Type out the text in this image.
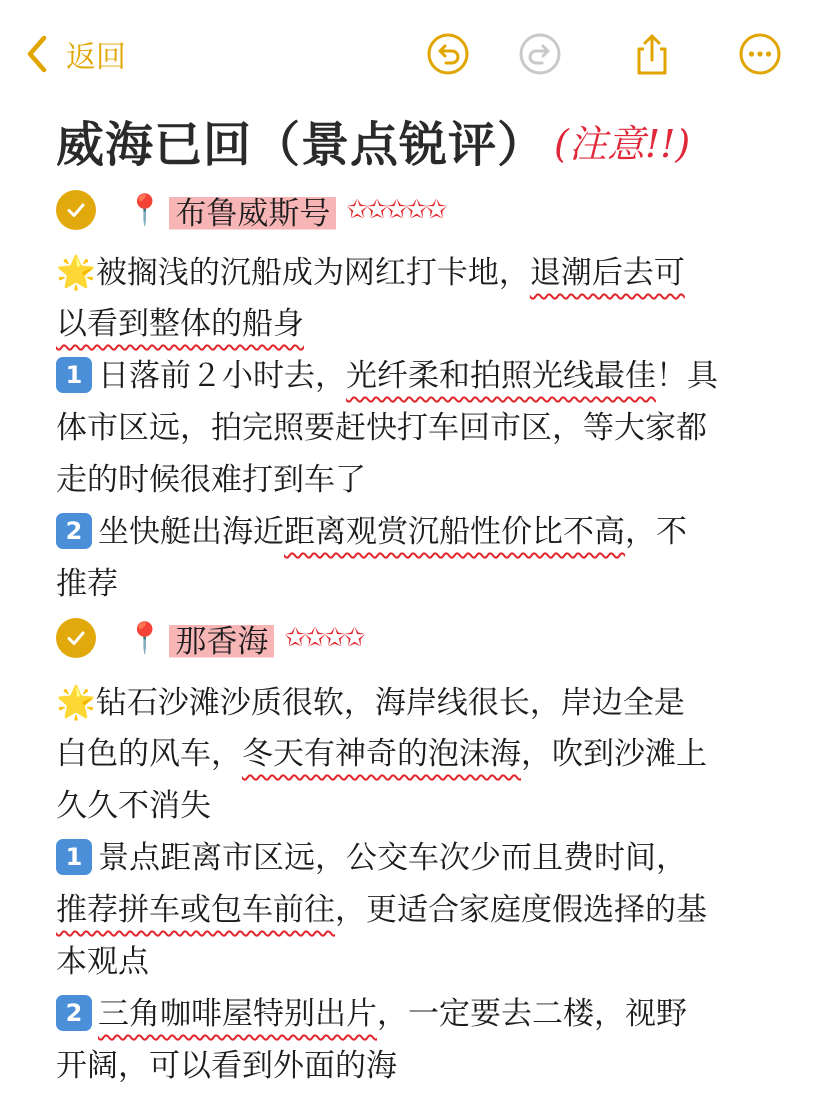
返回
威海已回（景点锐评） (注意!!)
📍 布鲁威斯号 ✩✩✩✩✩
🌟被搁浅的沉船成为网红打卡地，退潮后去可
以看到整体的船身
1 日落前２小时去，光纤柔和拍照光线最佳！具
体市区远，拍完照要赶快打车回市区，等大家都
走的时候很难打到车了
2 坐快艇出海近距离观赏沉船性价比不高，不
推荐
📍 那香海 ✩✩✩✩
🌟钻石沙滩沙质很软，海岸线很长，岸边全是
白色的风车，冬天有神奇的泡沫海，吹到沙滩上
久久不消失
1 景点距离市区远，公交车次少而且费时间，
推荐拼车或包车前往，更适合家庭度假选择的基
本观点
2 三角咖啡屋特别出片，一定要去二楼，视野
开阔，可以看到外面的海
